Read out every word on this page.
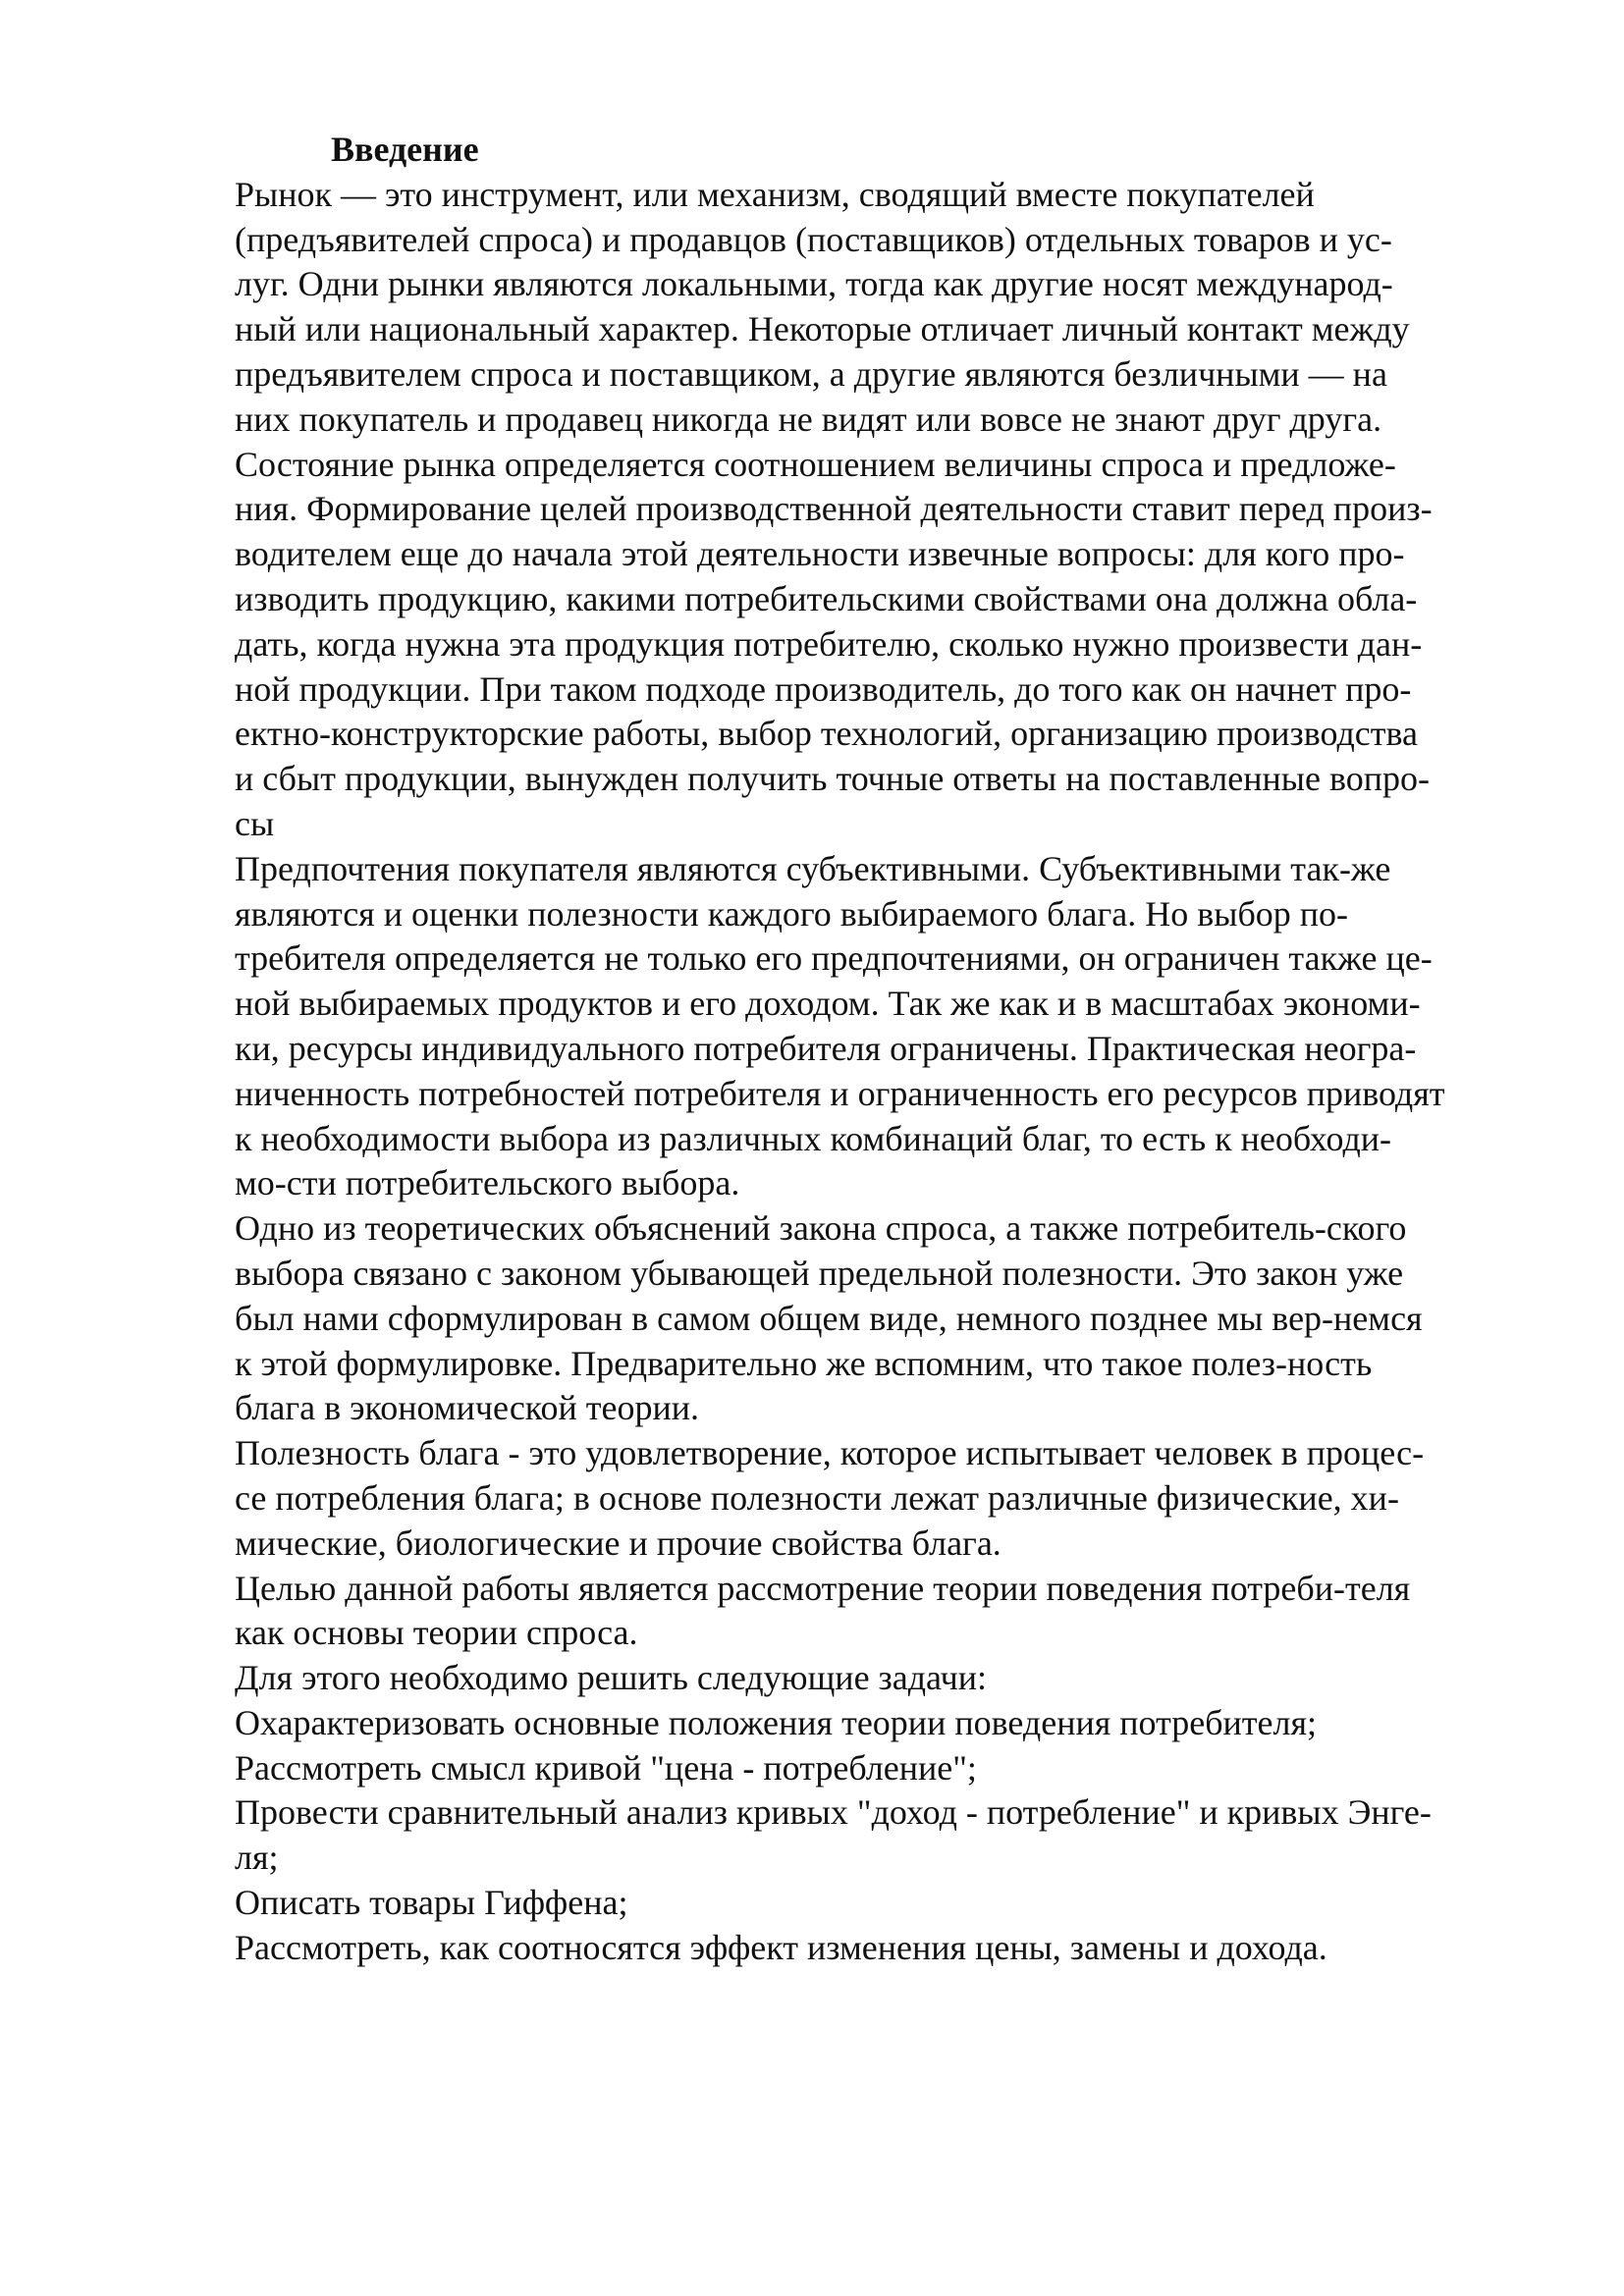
Введение
Рынок — это инструмент, или механизм, сводящий вместе покупателей
(предъявителей спроса) и продавцов (поставщиков) отдельных товаров и ус-
луг. Одни рынки являются локальными, тогда как другие носят международ-
ный или национальный характер. Некоторые отличает личный контакт между
предъявителем спроса и поставщиком, а другие являются безличными — на
них покупатель и продавец никогда не видят или вовсе не знают друг друга.
Состояние рынка определяется соотношением величины спроса и предложе-
ния. Формирование целей производственной деятельности ставит перед произ-
водителем еще до начала этой деятельности извечные вопросы: для кого про-
изводить продукцию, какими потребительскими свойствами она должна обла-
дать, когда нужна эта продукция потребителю, сколько нужно произвести дан-
ной продукции. При таком подходе производитель, до того как он начнет про-
ектно-конструкторские работы, выбор технологий, организацию производства
и сбыт продукции, вынужден получить точные ответы на поставленные вопро-
сы
Предпочтения покупателя являются субъективными. Субъективными так-же
являются и оценки полезности каждого выбираемого блага. Но выбор по-
требителя определяется не только его предпочтениями, он ограничен также це-
ной выбираемых продуктов и его доходом. Так же как и в масштабах экономи-
ки, ресурсы индивидуального потребителя ограничены. Практическая неогра-
ниченность потребностей потребителя и ограниченность его ресурсов приводят
к необходимости выбора из различных комбинаций благ, то есть к необходи-
мо-сти потребительского выбора.
Одно из теоретических объяснений закона спроса, а также потребитель-ского
выбора связано с законом убывающей предельной полезности. Это закон уже
был нами сформулирован в самом общем виде, немного позднее мы вер-немся
к этой формулировке. Предварительно же вспомним, что такое полез-ность
блага в экономической теории.
Полезность блага - это удовлетворение, которое испытывает человек в процес-
се потребления блага; в основе полезности лежат различные физические, хи-
мические, биологические и прочие свойства блага.
Целью данной работы является рассмотрение теории поведения потреби-теля
как основы теории спроса.
Для этого необходимо решить следующие задачи:
Охарактеризовать основные положения теории поведения потребителя;
Рассмотреть смысл кривой "цена - потребление";
Провести сравнительный анализ кривых "доход - потребление" и кривых Энге-
ля;
Описать товары Гиффена;
Рассмотреть, как соотносятся эффект изменения цены, замены и дохода.
